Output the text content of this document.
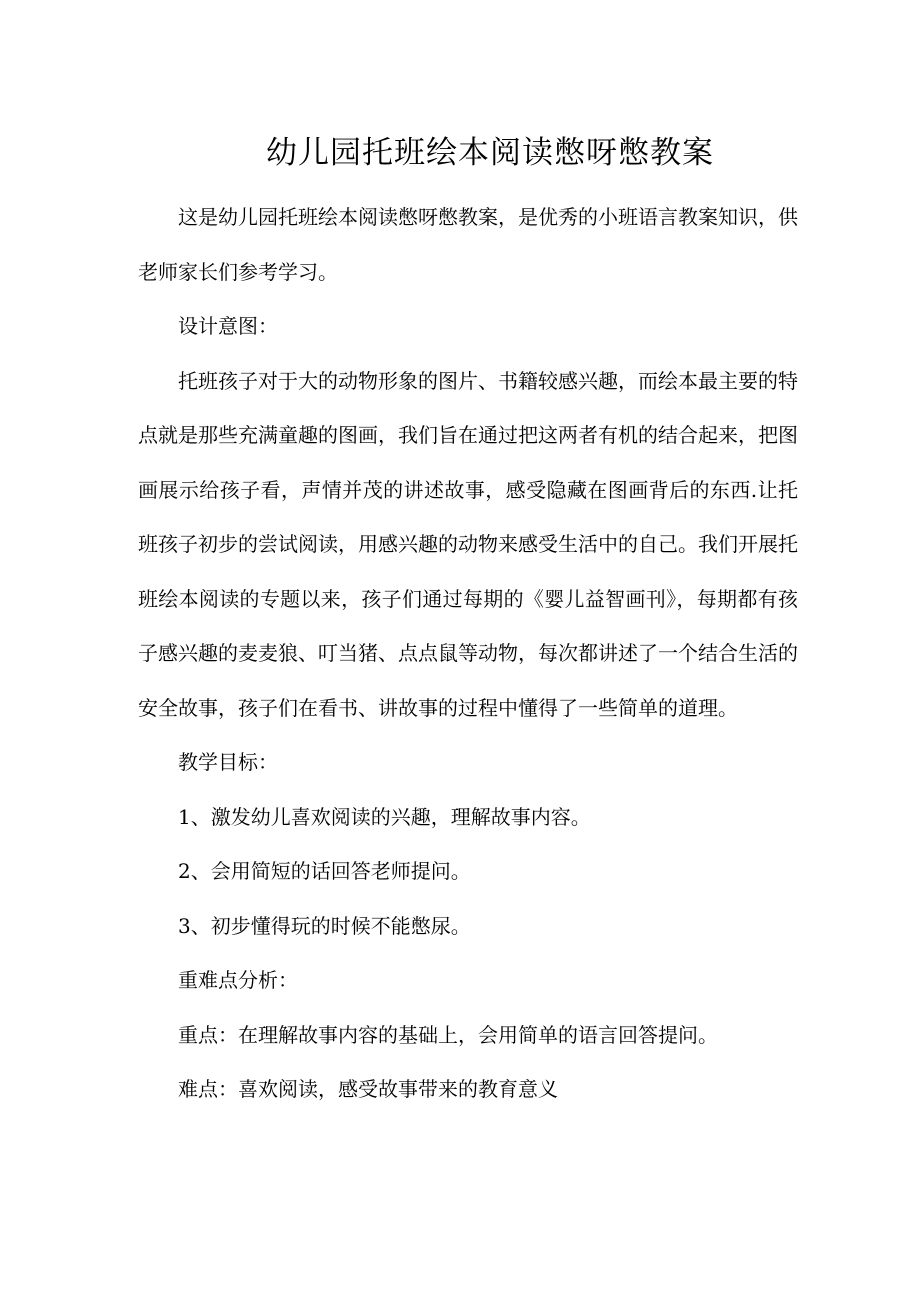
幼儿园托班绘本阅读憋呀憋教案

这是幼儿园托班绘本阅读憋呀憋教案，是优秀的小班语言教案知识，供老师家长们参考学习。

设计意图：

托班孩子对于大的动物形象的图片、书籍较感兴趣，而绘本最主要的特点就是那些充满童趣的图画，我们旨在通过把这两者有机的结合起来，把图画展示给孩子看，声情并茂的讲述故事，感受隐藏在图画背后的东西.让托班孩子初步的尝试阅读，用感兴趣的动物来感受生活中的自己。我们开展托班绘本阅读的专题以来，孩子们通过每期的《婴儿益智画刊》，每期都有孩子感兴趣的麦麦狼、叮当猪、点点鼠等动物，每次都讲述了一个结合生活的安全故事，孩子们在看书、讲故事的过程中懂得了一些简单的道理。

教学目标：

1、激发幼儿喜欢阅读的兴趣，理解故事内容。

2、会用简短的话回答老师提问。

3、初步懂得玩的时候不能憋尿。

重难点分析：

重点：在理解故事内容的基础上，会用简单的语言回答提问。

难点：喜欢阅读，感受故事带来的教育意义
